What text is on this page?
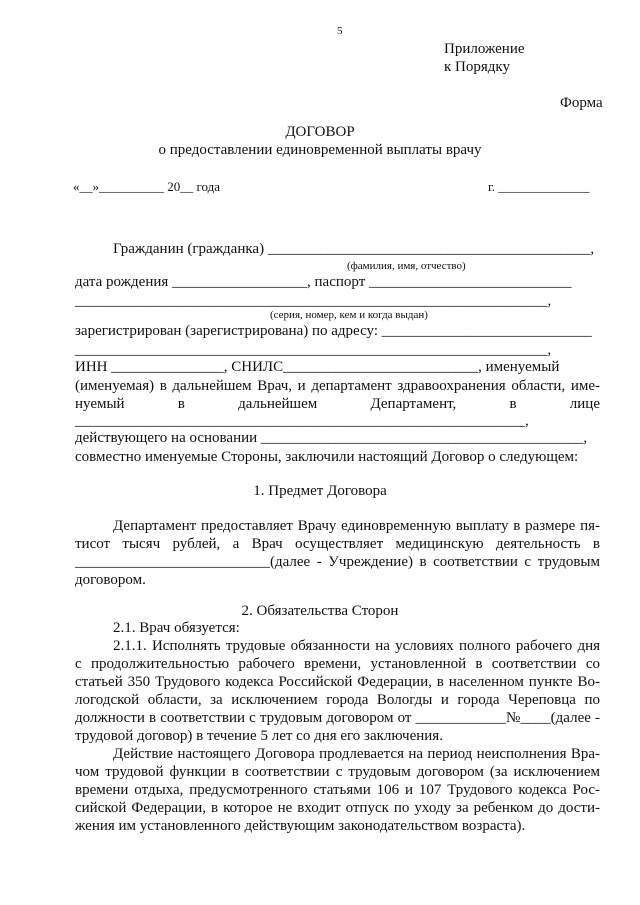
5
Приложение
к Порядку
Форма
ДОГОВОР
о предоставлении единовременной выплаты врачу
«__»__________ 20__ года	г. ______________
Гражданин (гражданка) ___________________________________________,
(фамилия, имя, отчество)
дата рождения __________________, паспорт ___________________________
_______________________________________________________________,
(серия, номер, кем и когда выдан)
зарегистрирован (зарегистрирована) по адресу: ____________________________
_______________________________________________________________,
ИНН _______________, СНИЛС__________________________, именуемый
(именуемая) в дальнейшем Врач, и департамент здравоохранения области, име-
нуемый в дальнейшем Департамент, в лице
____________________________________________________________,
действующего на основании ___________________________________________,
совместно именуемые Стороны, заключили настоящий Договор о следующем:
1. Предмет Договора
Департамент предоставляет Врачу единовременную выплату в размере пя-
тисот тысяч рублей, а Врач осуществляет медицинскую деятельность в
__________________________(далее - Учреждение) в соответствии с трудовым
договором.
2. Обязательства Сторон
2.1. Врач обязуется:
2.1.1. Исполнять трудовые обязанности на условиях полного рабочего дня
с продолжительностью рабочего времени, установленной в соответствии со
статьей 350 Трудового кодекса Российской Федерации, в населенном пункте Во-
логодской области, за исключением города Вологды и города Череповца по
должности в соответствии с трудовым договором от ____________№____(далее -
трудовой договор) в течение 5 лет со дня его заключения.
Действие настоящего Договора продлевается на период неисполнения Вра-
чом трудовой функции в соответствии с трудовым договором (за исключением
времени отдыха, предусмотренного статьями 106 и 107 Трудового кодекса Рос-
сийской Федерации, в которое не входит отпуск по уходу за ребенком до дости-
жения им установленного действующим законодательством возраста).
